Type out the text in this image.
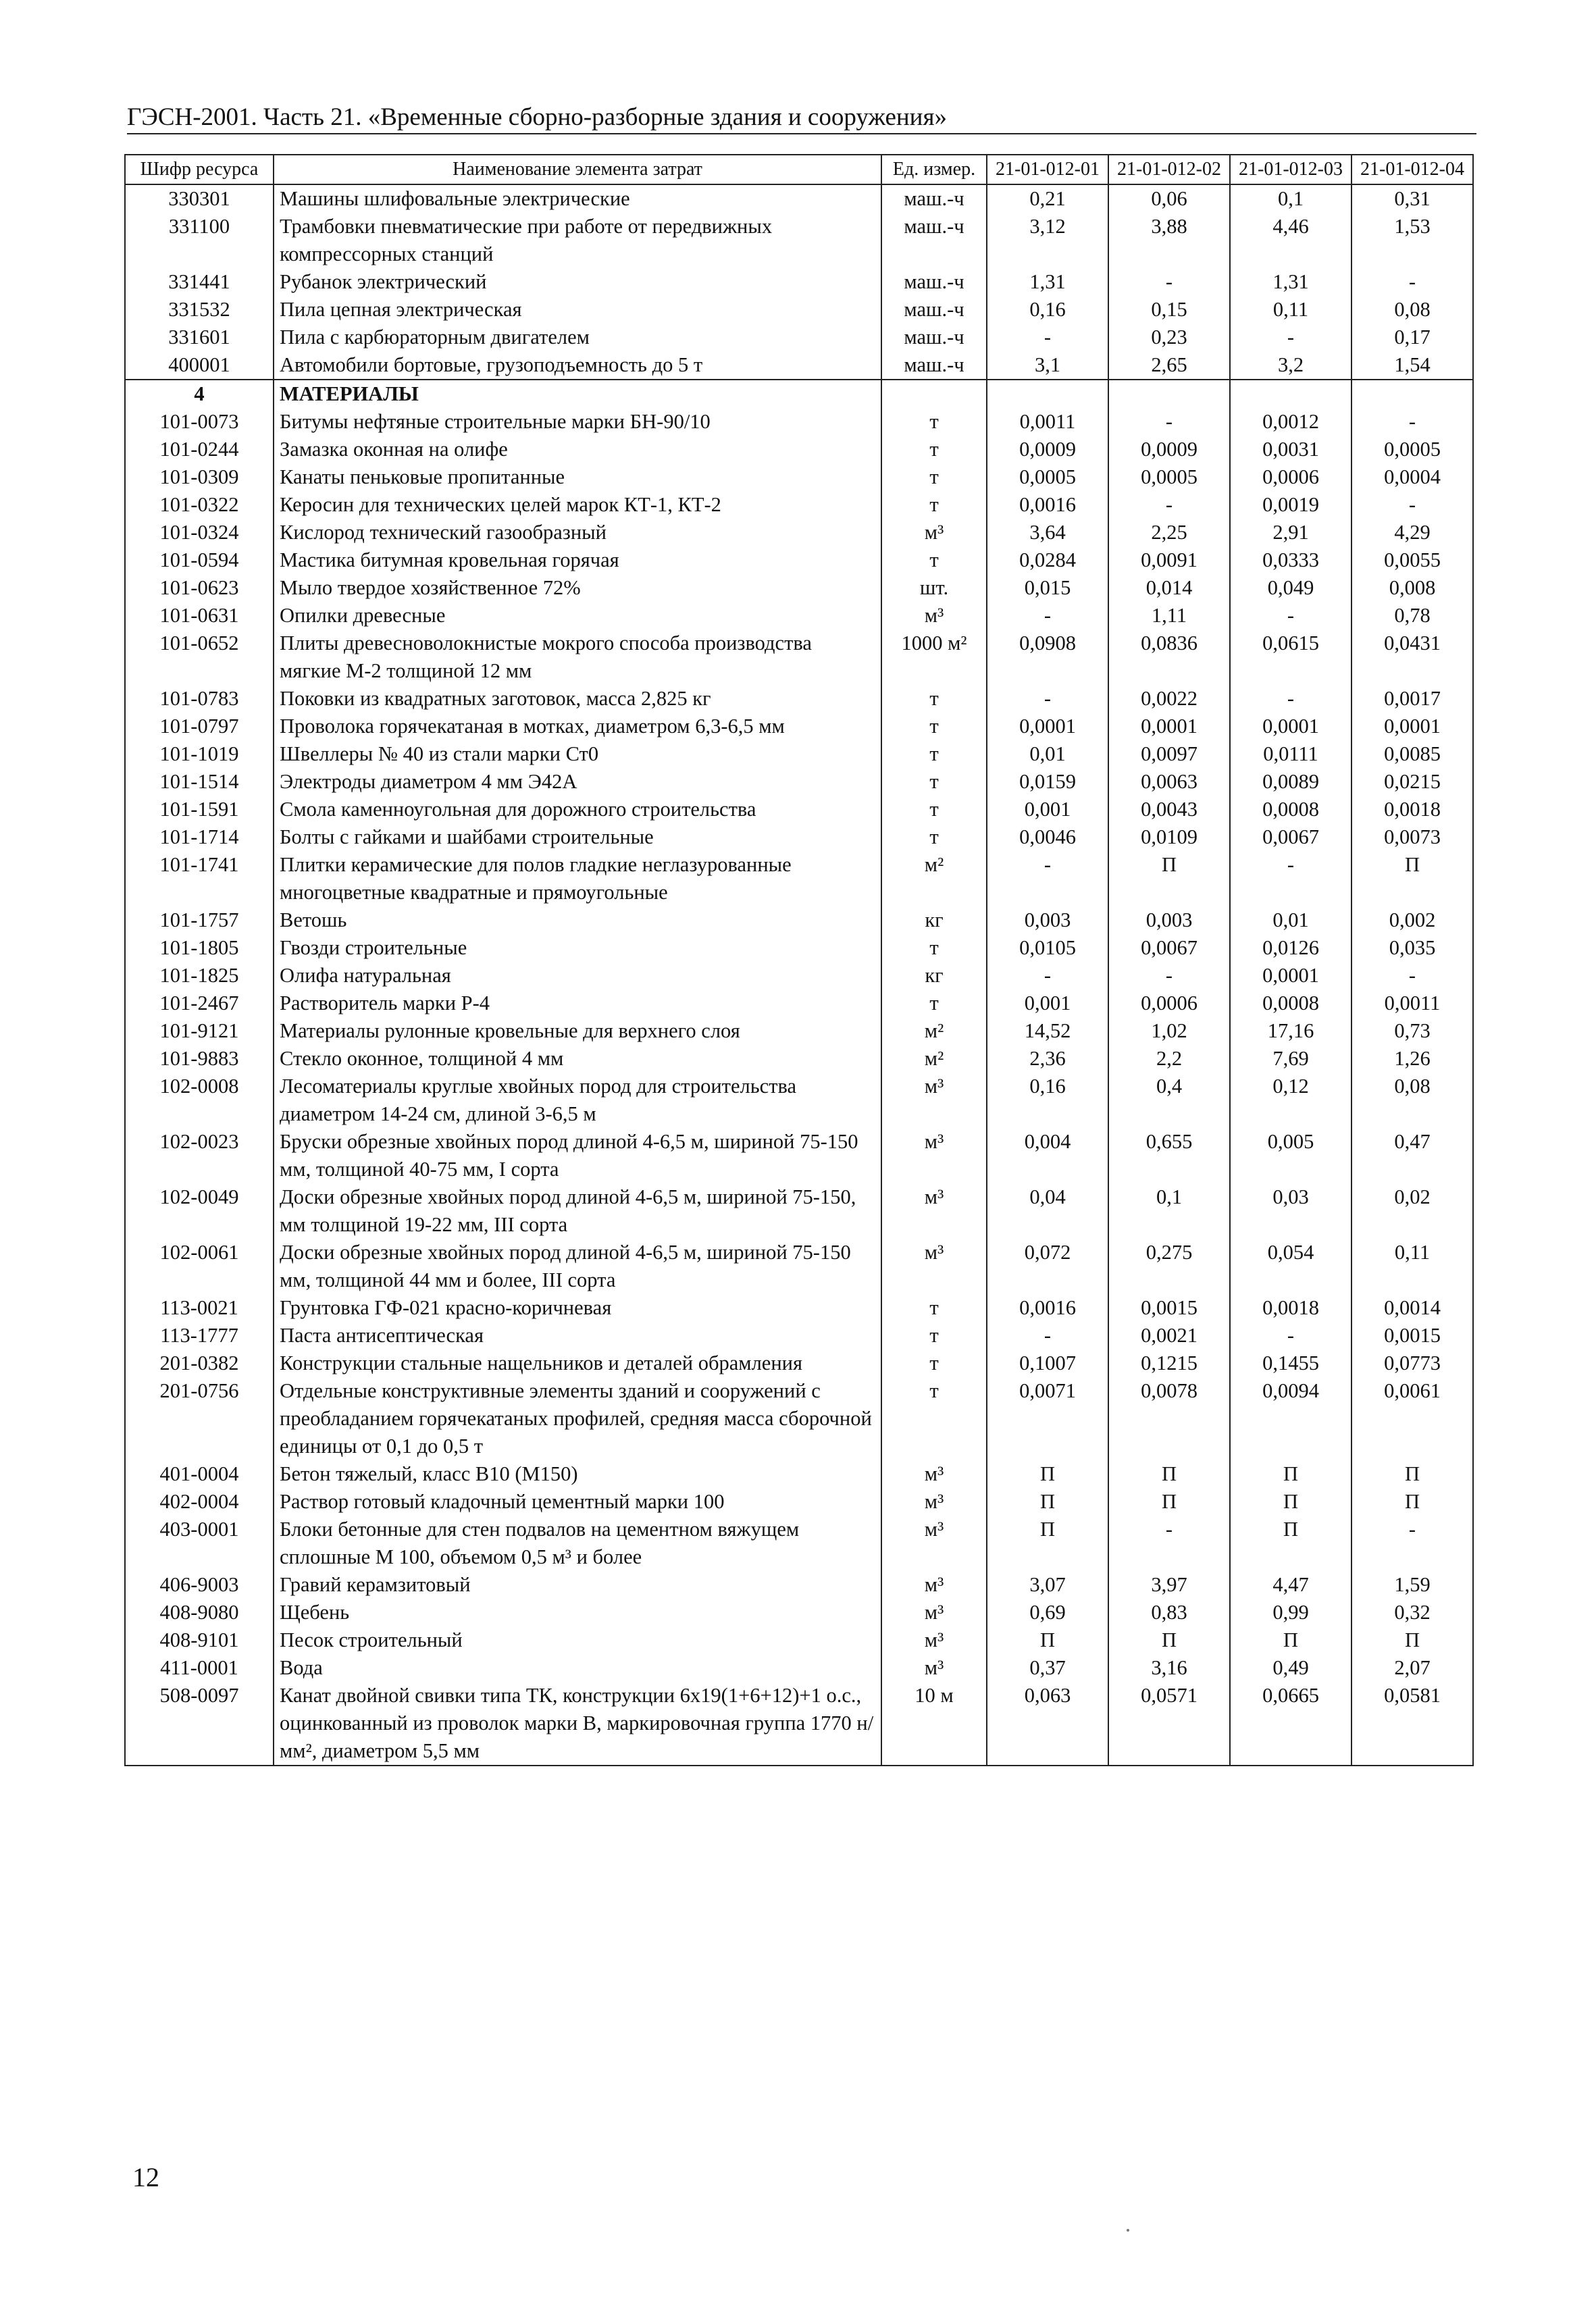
ГЭСН-2001. Часть 21. «Временные сборно-разборные здания и сооружения»
Шифр ресурса	Наименование элемента затрат	Ед. измер.	21-01-012-01	21-01-012-02	21-01-012-03	21-01-012-04
330301	Машины шлифовальные электрические	маш.-ч	0,21	0,06	0,1	0,31
331100	Трамбовки пневматические при работе от передвижных компрессорных станций	маш.-ч	3,12	3,88	4,46	1,53
331441	Рубанок электрический	маш.-ч	1,31	-	1,31	-
331532	Пила цепная электрическая	маш.-ч	0,16	0,15	0,11	0,08
331601	Пила с карбюраторным двигателем	маш.-ч	-	0,23	-	0,17
400001	Автомобили бортовые, грузоподъемность до 5 т	маш.-ч	3,1	2,65	3,2	1,54
4	МАТЕРИАЛЫ					
101-0073	Битумы нефтяные строительные марки БН-90/10	т	0,0011	-	0,0012	-
101-0244	Замазка оконная на олифе	т	0,0009	0,0009	0,0031	0,0005
101-0309	Канаты пеньковые пропитанные	т	0,0005	0,0005	0,0006	0,0004
101-0322	Керосин для технических целей марок КТ-1, КТ-2	т	0,0016	-	0,0019	-
101-0324	Кислород технический газообразный	м³	3,64	2,25	2,91	4,29
101-0594	Мастика битумная кровельная горячая	т	0,0284	0,0091	0,0333	0,0055
101-0623	Мыло твердое хозяйственное 72%	шт.	0,015	0,014	0,049	0,008
101-0631	Опилки древесные	м³	-	1,11	-	0,78
101-0652	Плиты древесноволокнистые мокрого способа производства мягкие М-2 толщиной 12 мм	1000 м²	0,0908	0,0836	0,0615	0,0431
101-0783	Поковки из квадратных заготовок, масса 2,825 кг	т	-	0,0022	-	0,0017
101-0797	Проволока горячекатаная в мотках, диаметром 6,3-6,5 мм	т	0,0001	0,0001	0,0001	0,0001
101-1019	Швеллеры № 40 из стали марки Ст0	т	0,01	0,0097	0,0111	0,0085
101-1514	Электроды диаметром 4 мм Э42А	т	0,0159	0,0063	0,0089	0,0215
101-1591	Смола каменноугольная для дорожного строительства	т	0,001	0,0043	0,0008	0,0018
101-1714	Болты с гайками и шайбами строительные	т	0,0046	0,0109	0,0067	0,0073
101-1741	Плитки керамические для полов гладкие неглазурованные многоцветные квадратные и прямоугольные	м²	-	П	-	П
101-1757	Ветошь	кг	0,003	0,003	0,01	0,002
101-1805	Гвозди строительные	т	0,0105	0,0067	0,0126	0,035
101-1825	Олифа натуральная	кг	-	-	0,0001	-
101-2467	Растворитель марки Р-4	т	0,001	0,0006	0,0008	0,0011
101-9121	Материалы рулонные кровельные для верхнего слоя	м²	14,52	1,02	17,16	0,73
101-9883	Стекло оконное, толщиной 4 мм	м²	2,36	2,2	7,69	1,26
102-0008	Лесоматериалы круглые хвойных пород для строительства диаметром 14-24 см, длиной 3-6,5 м	м³	0,16	0,4	0,12	0,08
102-0023	Бруски обрезные хвойных пород длиной 4-6,5 м, шириной 75-150 мм, толщиной 40-75 мм, I сорта	м³	0,004	0,655	0,005	0,47
102-0049	Доски обрезные хвойных пород длиной 4-6,5 м, шириной 75-150, мм толщиной 19-22 мм, III сорта	м³	0,04	0,1	0,03	0,02
102-0061	Доски обрезные хвойных пород длиной 4-6,5 м, шириной 75-150 мм, толщиной 44 мм и более, III сорта	м³	0,072	0,275	0,054	0,11
113-0021	Грунтовка ГФ-021 красно-коричневая	т	0,0016	0,0015	0,0018	0,0014
113-1777	Паста антисептическая	т	-	0,0021	-	0,0015
201-0382	Конструкции стальные нащельников и деталей обрамления	т	0,1007	0,1215	0,1455	0,0773
201-0756	Отдельные конструктивные элементы зданий и сооружений с преобладанием горячекатаных профилей, средняя масса сборочной единицы от 0,1 до 0,5 т	т	0,0071	0,0078	0,0094	0,0061
401-0004	Бетон тяжелый, класс В10 (М150)	м³	П	П	П	П
402-0004	Раствор готовый кладочный цементный марки 100	м³	П	П	П	П
403-0001	Блоки бетонные для стен подвалов на цементном вяжущем сплошные М 100, объемом 0,5 м³ и более	м³	П	-	П	-
406-9003	Гравий керамзитовый	м³	3,07	3,97	4,47	1,59
408-9080	Щебень	м³	0,69	0,83	0,99	0,32
408-9101	Песок строительный	м³	П	П	П	П
411-0001	Вода	м³	0,37	3,16	0,49	2,07
508-0097	Канат двойной свивки типа ТК, конструкции 6х19(1+6+12)+1 о.с., оцинкованный из проволок марки В, маркировочная группа 1770 н/мм², диаметром 5,5 мм	10 м	0,063	0,0571	0,0665	0,0581
12
